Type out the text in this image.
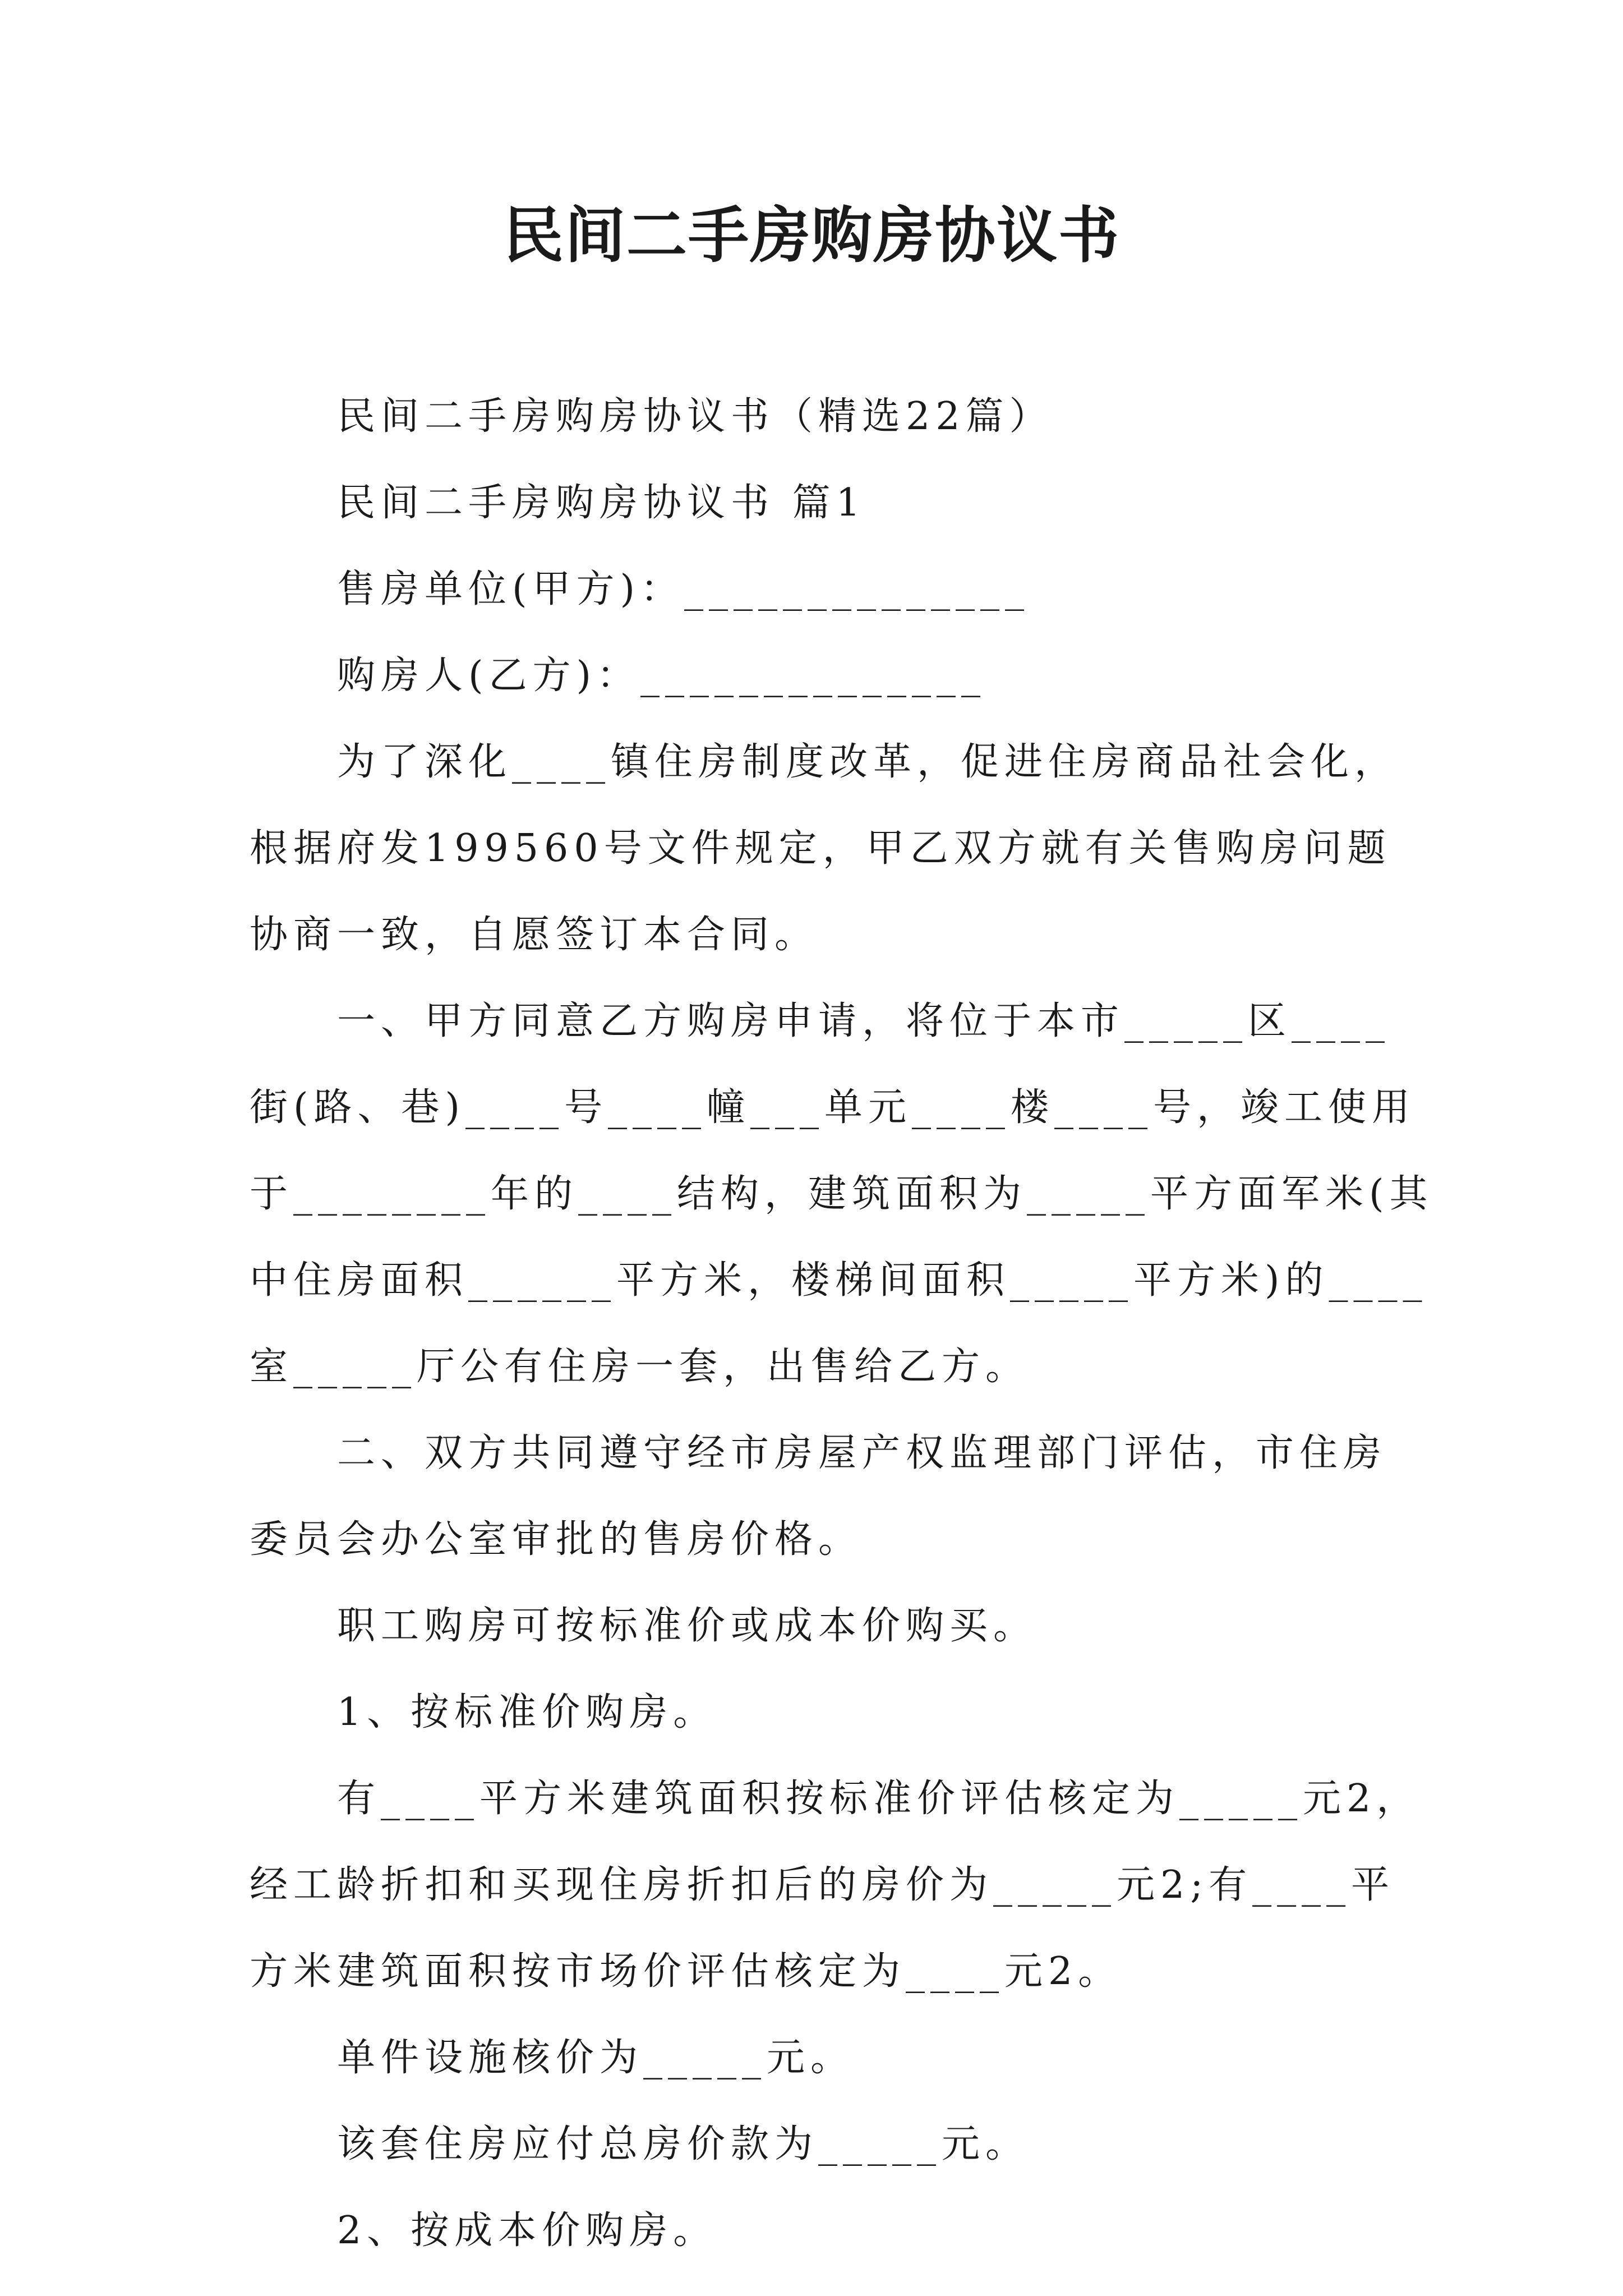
民间二手房购房协议书

民间二手房购房协议书（精选22篇）

民间二手房购房协议书 篇1

售房单位(甲方)：______________

购房人(乙方)：______________

为了深化____镇住房制度改革，促进住房商品社会化，

根据府发199560号文件规定，甲乙双方就有关售购房问题

协商一致，自愿签订本合同。

一、甲方同意乙方购房申请，将位于本市_____区____

街(路、巷)____号____幢___单元____楼____号，竣工使用

于________年的____结构，建筑面积为_____平方面军米(其

中住房面积______平方米，楼梯间面积_____平方米)的____

室_____厅公有住房一套，出售给乙方。

二、双方共同遵守经市房屋产权监理部门评估，市住房

委员会办公室审批的售房价格。

职工购房可按标准价或成本价购买。

1、按标准价购房。

有____平方米建筑面积按标准价评估核定为_____元2，

经工龄折扣和买现住房折扣后的房价为_____元2;有____平

方米建筑面积按市场价评估核定为____元2。

单件设施核价为_____元。

该套住房应付总房价款为_____元。

2、按成本价购房。
